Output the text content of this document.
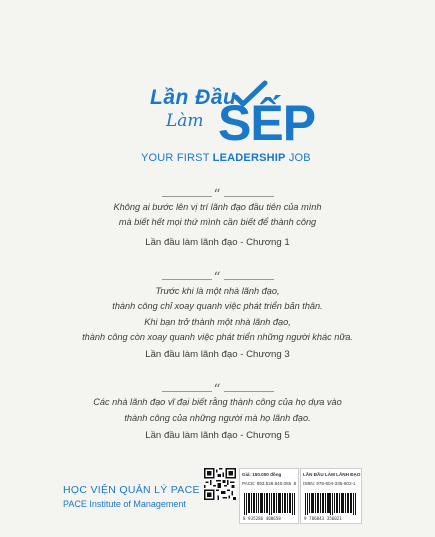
Lần Đầu
Làm SẾP
YOUR FIRST LEADERSHIP JOB
“
Không ai bước lên vị trí lãnh đạo đầu tiên của mình
mà biết hết mọi thứ mình cần biết để thành công
Lần đầu làm lãnh đạo - Chương 1
“
Trước khi là một nhà lãnh đạo,
thành công chỉ xoay quanh việc phát triển bản thân.
Khi bạn trở thành một nhà lãnh đạo,
thành công còn xoay quanh việc phát triển những người khác nữa.
Lần đầu làm lãnh đạo - Chương 3
“
Các nhà lãnh đạo vĩ đại biết rằng thành công của họ dựa vào
thành công của những người mà họ lãnh đạo.
Lần đầu làm lãnh đạo - Chương 5
HỌC VIỆN QUẢN LÝ PACE
PACE Institute of Management
Giá: 150.000 đồng
PACE: 893.528.840.065 .8
8 935286 400658
LẦN ĐẦU LÀM LÃNH ĐẠO
ISBN: 978-604-335-602-1
9 786043 356021
